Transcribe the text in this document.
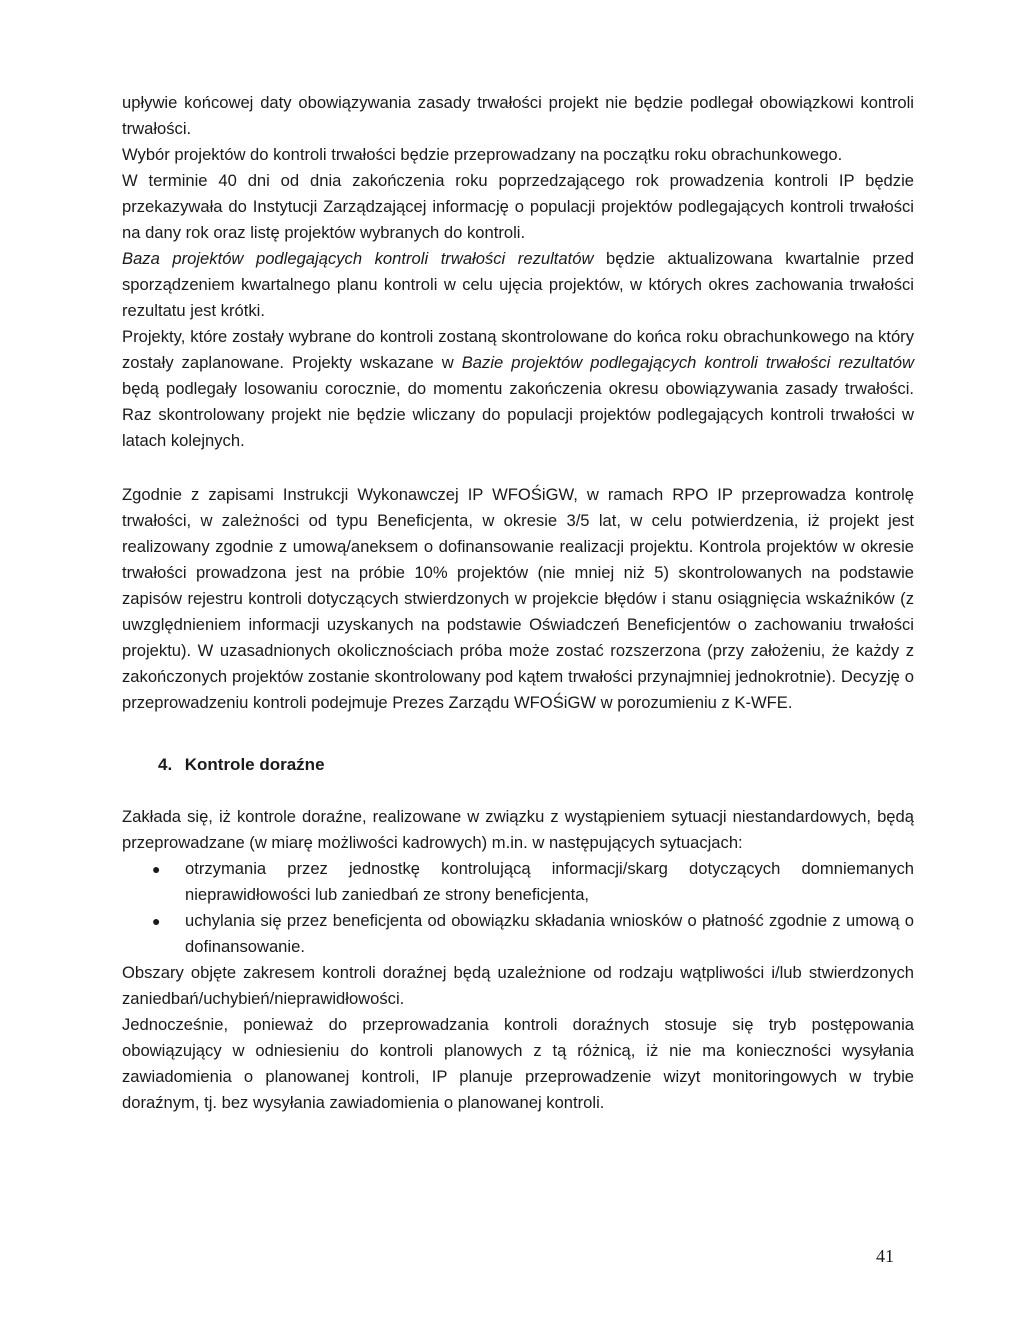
upływie końcowej daty obowiązywania zasady trwałości projekt nie będzie podlegał obowiązkowi kontroli trwałości.

Wybór projektów do kontroli trwałości będzie przeprowadzany na początku roku obrachunkowego.

W terminie 40 dni od dnia zakończenia roku poprzedzającego rok prowadzenia kontroli IP będzie przekazywała do Instytucji Zarządzającej informację o populacji projektów podlegających kontroli trwałości na dany rok oraz listę projektów wybranych do kontroli.

Baza projektów podlegających kontroli trwałości rezultatów będzie aktualizowana kwartalnie przed sporządzeniem kwartalnego planu kontroli w celu ujęcia projektów, w których okres zachowania trwałości rezultatu jest krótki.

Projekty, które zostały wybrane do kontroli zostaną skontrolowane do końca roku obrachunkowego na który zostały zaplanowane. Projekty wskazane w Bazie projektów podlegających kontroli trwałości rezultatów będą podlegały losowaniu corocznie, do momentu zakończenia okresu obowiązywania zasady trwałości. Raz skontrolowany projekt nie będzie wliczany do populacji projektów podlegających kontroli trwałości w latach kolejnych.

Zgodnie z zapisami Instrukcji Wykonawczej IP WFOŚiGW, w ramach RPO IP przeprowadza kontrolę trwałości, w zależności od typu Beneficjenta, w okresie 3/5 lat, w celu potwierdzenia, iż projekt jest realizowany zgodnie z umową/aneksem o dofinansowanie realizacji projektu. Kontrola projektów w okresie trwałości prowadzona jest na próbie 10% projektów (nie mniej niż 5) skontrolowanych na podstawie zapisów rejestru kontroli dotyczących stwierdzonych w projekcie błędów i stanu osiągnięcia wskaźników (z uwzględnieniem informacji uzyskanych na podstawie Oświadczeń Beneficjentów o zachowaniu trwałości projektu). W uzasadnionych okolicznościach próba może zostać rozszerzona (przy założeniu, że każdy z zakończonych projektów zostanie skontrolowany pod kątem trwałości przynajmniej jednokrotnie). Decyzję o przeprowadzeniu kontroli podejmuje Prezes Zarządu WFOŚiGW w porozumieniu z K-WFE.

4. Kontrole doraźne

Zakłada się, iż kontrole doraźne, realizowane w związku z wystąpieniem sytuacji niestandardowych, będą przeprowadzane (w miarę możliwości kadrowych) m.in. w następujących sytuacjach:

● otrzymania przez jednostkę kontrolującą informacji/skarg dotyczących domniemanych nieprawidłowości lub zaniedbań ze strony beneficjenta,
● uchylania się przez beneficjenta od obowiązku składania wniosków o płatność zgodnie z umową o dofinansowanie.

Obszary objęte zakresem kontroli doraźnej będą uzależnione od rodzaju wątpliwości i/lub stwierdzonych zaniedbań/uchybień/nieprawidłowości.

Jednocześnie, ponieważ do przeprowadzania kontroli doraźnych stosuje się tryb postępowania obowiązujący w odniesieniu do kontroli planowych z tą różnicą, iż nie ma konieczności wysyłania zawiadomienia o planowanej kontroli, IP planuje przeprowadzenie wizyt monitoringowych w trybie doraźnym, tj. bez wysyłania zawiadomienia o planowanej kontroli.

41
